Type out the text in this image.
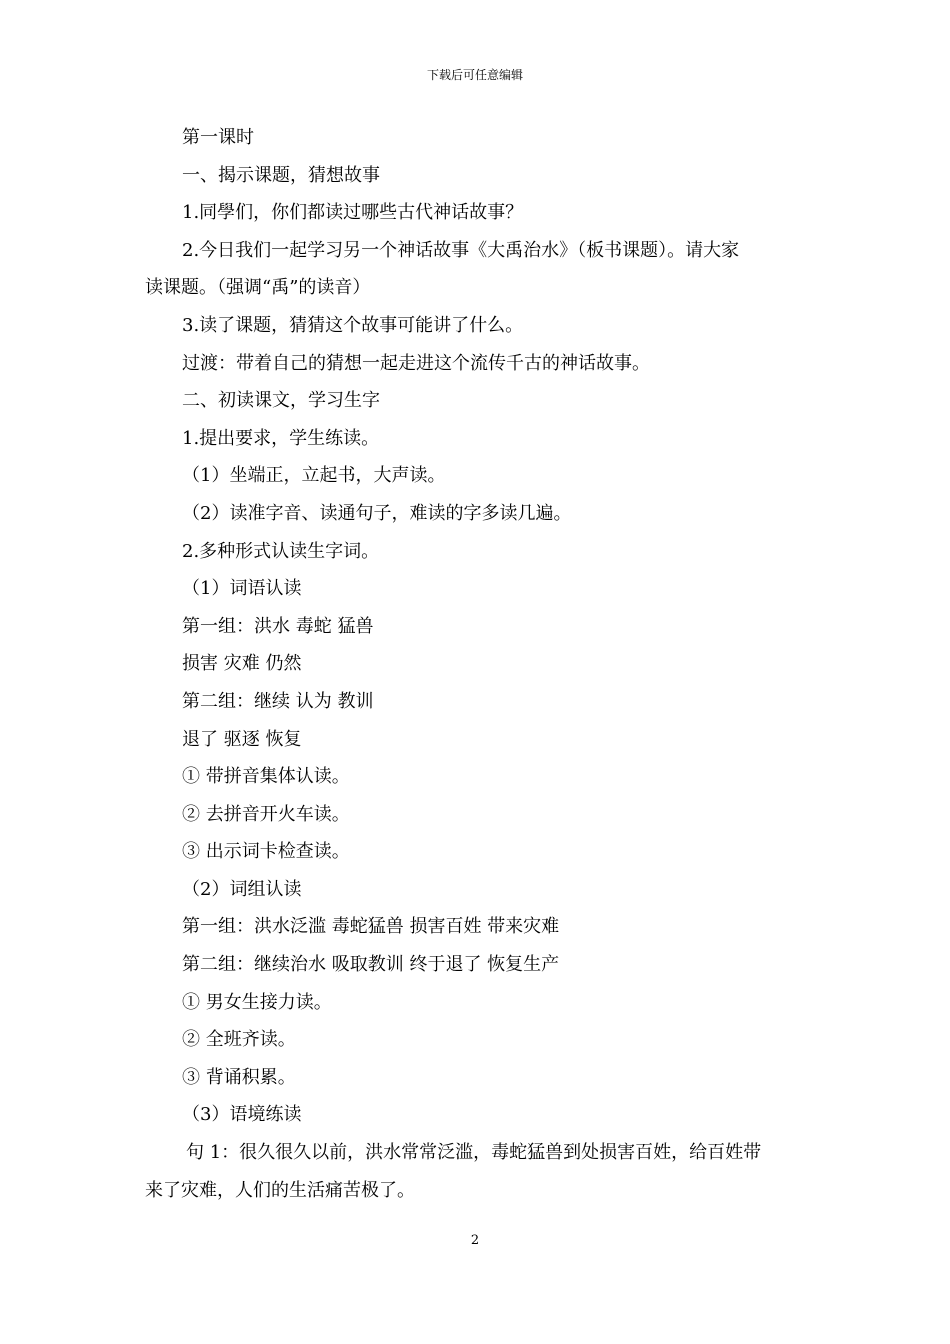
下载后可任意编辑
第一课时
一、揭示课题，猜想故事
1.同學们，你们都读过哪些古代神话故事？
2.今日我们一起学习另一个神话故事《大禹治水》（板书课题）。请大家
读课题。（强调“禹”的读音）
3.读了课题，猜猜这个故事可能讲了什么。
过渡：带着自己的猜想一起走进这个流传千古的神话故事。
二、初读课文，学习生字
1.提出要求，学生练读。
（1）坐端正，立起书，大声读。
（2）读准字音、读通句子，难读的字多读几遍。
2.多种形式认读生字词。
（1）词语认读
第一组：洪水 毒蛇 猛兽
损害 灾难 仍然
第二组：继续 认为 教训
退了 驱逐 恢复
① 带拼音集体认读。
② 去拼音开火车读。
③ 出示词卡检查读。
（2）词组认读
第一组：洪水泛滥 毒蛇猛兽 损害百姓 带来灾难
第二组：继续治水 吸取教训 终于退了 恢复生产
① 男女生接力读。
② 全班齐读。
③ 背诵积累。
（3）语境练读
句 1：很久很久以前，洪水常常泛滥，毒蛇猛兽到处损害百姓，给百姓带
来了灾难，人们的生活痛苦极了。
2
